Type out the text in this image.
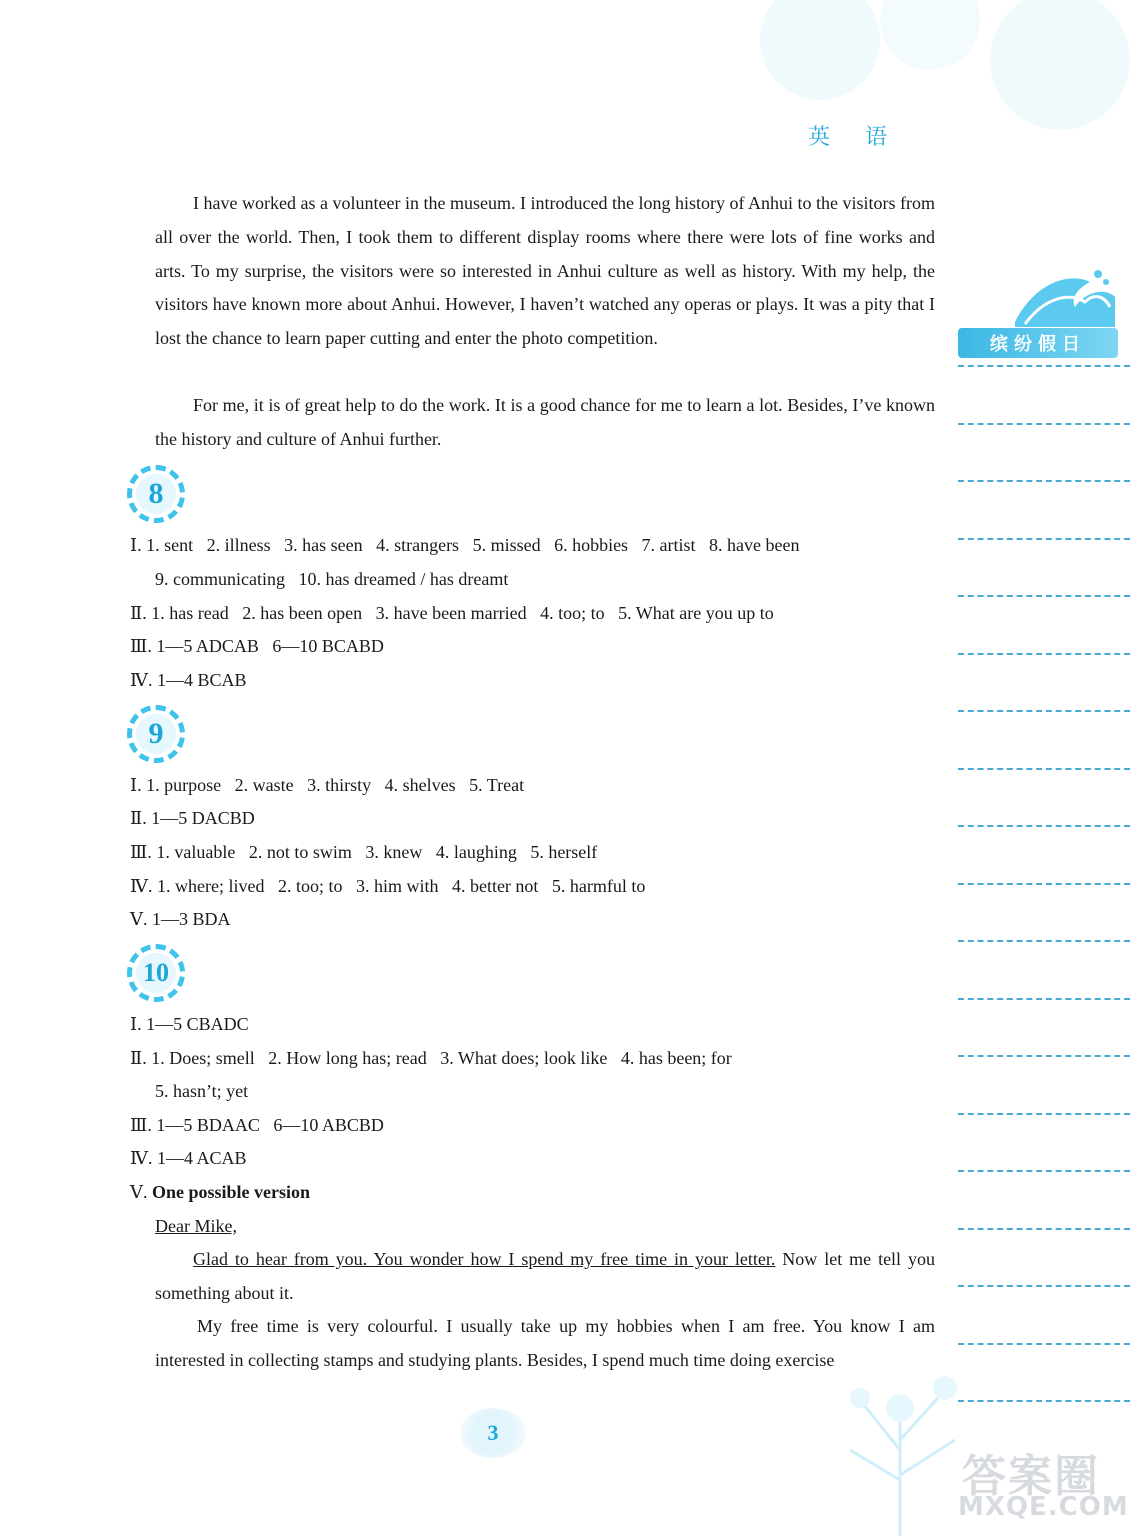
英 语
缤纷假日

I have worked as a volunteer in the museum. I introduced the long history of Anhui to the visitors from all over the world. Then, I took them to different display rooms where there were lots of fine works and arts. To my surprise, the visitors were so interested in Anhui culture as well as history. With my help, the visitors have known more about Anhui. However, I haven’t watched any operas or plays. It was a pity that I lost the chance to learn paper cutting and enter the photo competition.

For me, it is of great help to do the work. It is a good chance for me to learn a lot. Besides, I’ve known the history and culture of Anhui further.

8

Ⅰ. 1. sent   2. illness   3. has seen   4. strangers   5. missed   6. hobbies   7. artist   8. have been

9. communicating   10. has dreamed / has dreamt

Ⅱ. 1. has read   2. has been open   3. have been married   4. too; to   5. What are you up to

Ⅲ. 1—5 ADCAB   6—10 BCABD

Ⅳ. 1—4 BCAB

9

Ⅰ. 1. purpose   2. waste   3. thirsty   4. shelves   5. Treat

Ⅱ. 1—5 DACBD

Ⅲ. 1. valuable   2. not to swim   3. knew   4. laughing   5. herself

Ⅳ. 1. where; lived   2. too; to   3. him with   4. better not   5. harmful to

Ⅴ. 1—3 BDA

10

Ⅰ. 1—5 CBADC

Ⅱ. 1. Does; smell   2. How long has; read   3. What does; look like   4. has been; for

5. hasn’t; yet

Ⅲ. 1—5 BDAAC   6—10 ABCBD

Ⅳ. 1—4 ACAB

Ⅴ. One possible version

Dear Mike,

Glad to hear from you. You wonder how I spend my free time in your letter. Now let me tell you something about it.

My free time is very colourful. I usually take up my hobbies when I am free. You know I am interested in collecting stamps and studying plants. Besides, I spend much time doing exercise

3
答案圈
MXQE.COM
